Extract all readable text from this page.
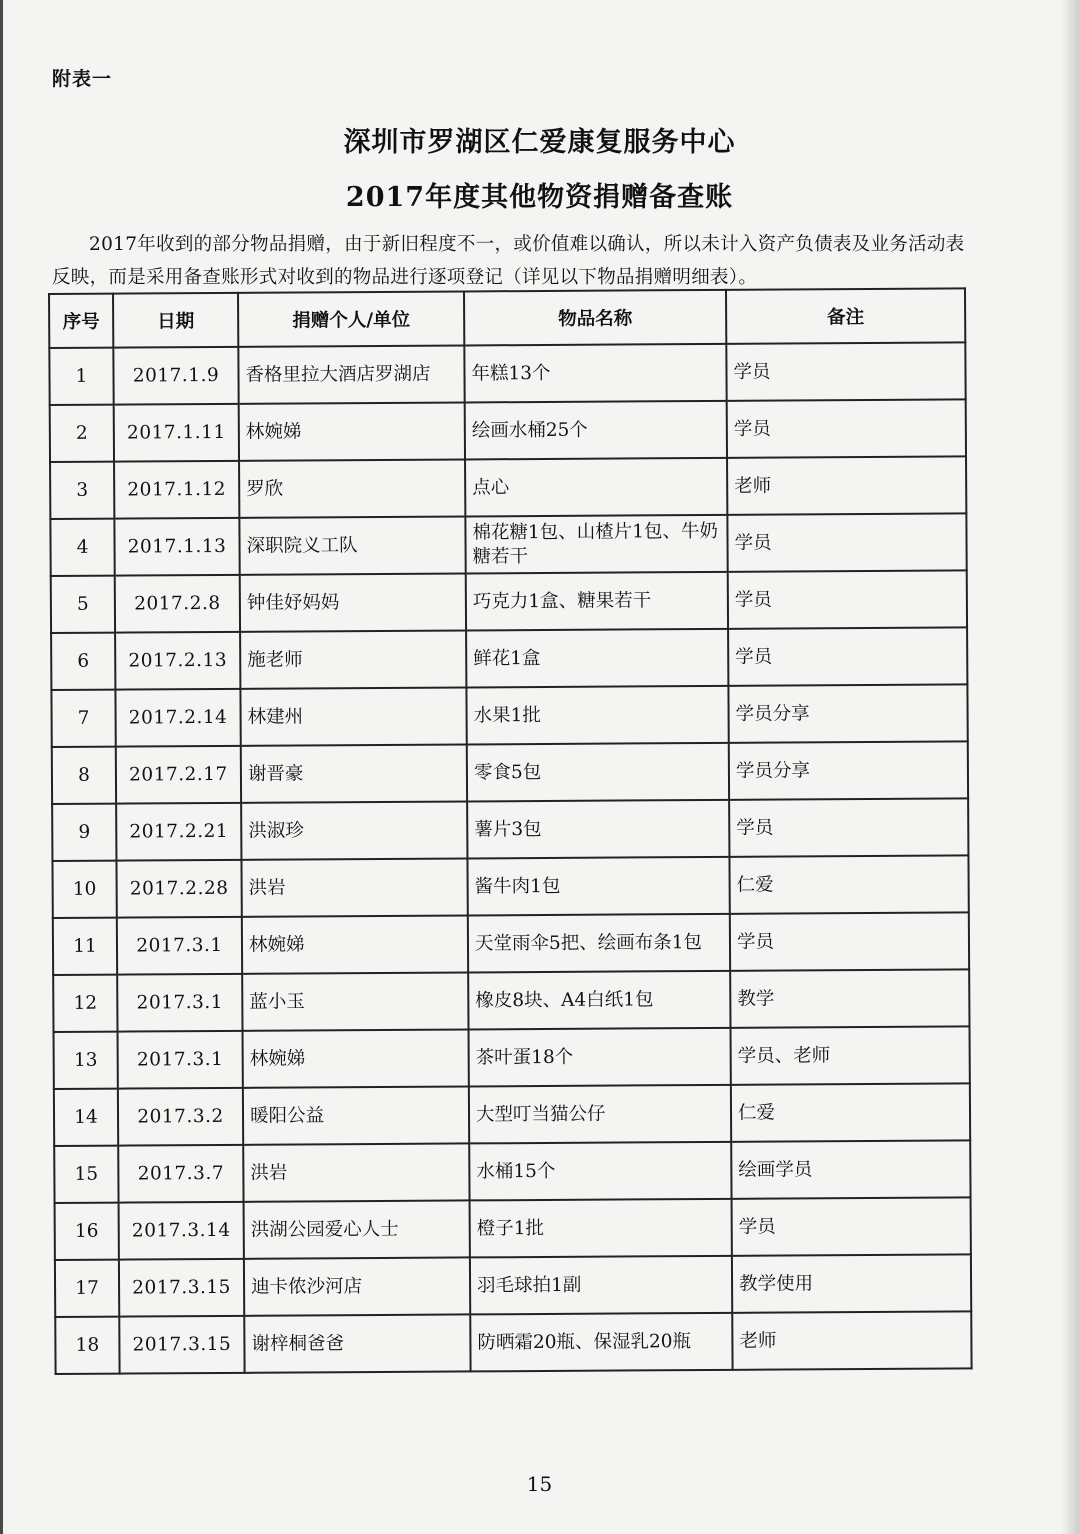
附表一
深圳市罗湖区仁爱康复服务中心
2017年度其他物资捐赠备查账
2017年收到的部分物品捐赠，由于新旧程度不一，或价值难以确认，所以未计入资产负债表及业务活动表反映，而是采用备查账形式对收到的物品进行逐项登记（详见以下物品捐赠明细表）。
序号	日期	捐赠个人/单位	物品名称	备注
1	2017.1.9	香格里拉大酒店罗湖店	年糕13个	学员
2	2017.1.11	林婉娣	绘画水桶25个	学员
3	2017.1.12	罗欣	点心	老师
4	2017.1.13	深职院义工队	棉花糖1包、山楂片1包、牛奶糖若干	学员
5	2017.2.8	钟佳妤妈妈	巧克力1盒、糖果若干	学员
6	2017.2.13	施老师	鲜花1盒	学员
7	2017.2.14	林建州	水果1批	学员分享
8	2017.2.17	谢晋豪	零食5包	学员分享
9	2017.2.21	洪淑珍	薯片3包	学员
10	2017.2.28	洪岩	酱牛肉1包	仁爱
11	2017.3.1	林婉娣	天堂雨伞5把、绘画布条1包	学员
12	2017.3.1	蓝小玉	橡皮8块、A4白纸1包	教学
13	2017.3.1	林婉娣	茶叶蛋18个	学员、老师
14	2017.3.2	暖阳公益	大型叮当猫公仔	仁爱
15	2017.3.7	洪岩	水桶15个	绘画学员
16	2017.3.14	洪湖公园爱心人士	橙子1批	学员
17	2017.3.15	迪卡侬沙河店	羽毛球拍1副	教学使用
18	2017.3.15	谢梓桐爸爸	防晒霜20瓶、保湿乳20瓶	老师
15
